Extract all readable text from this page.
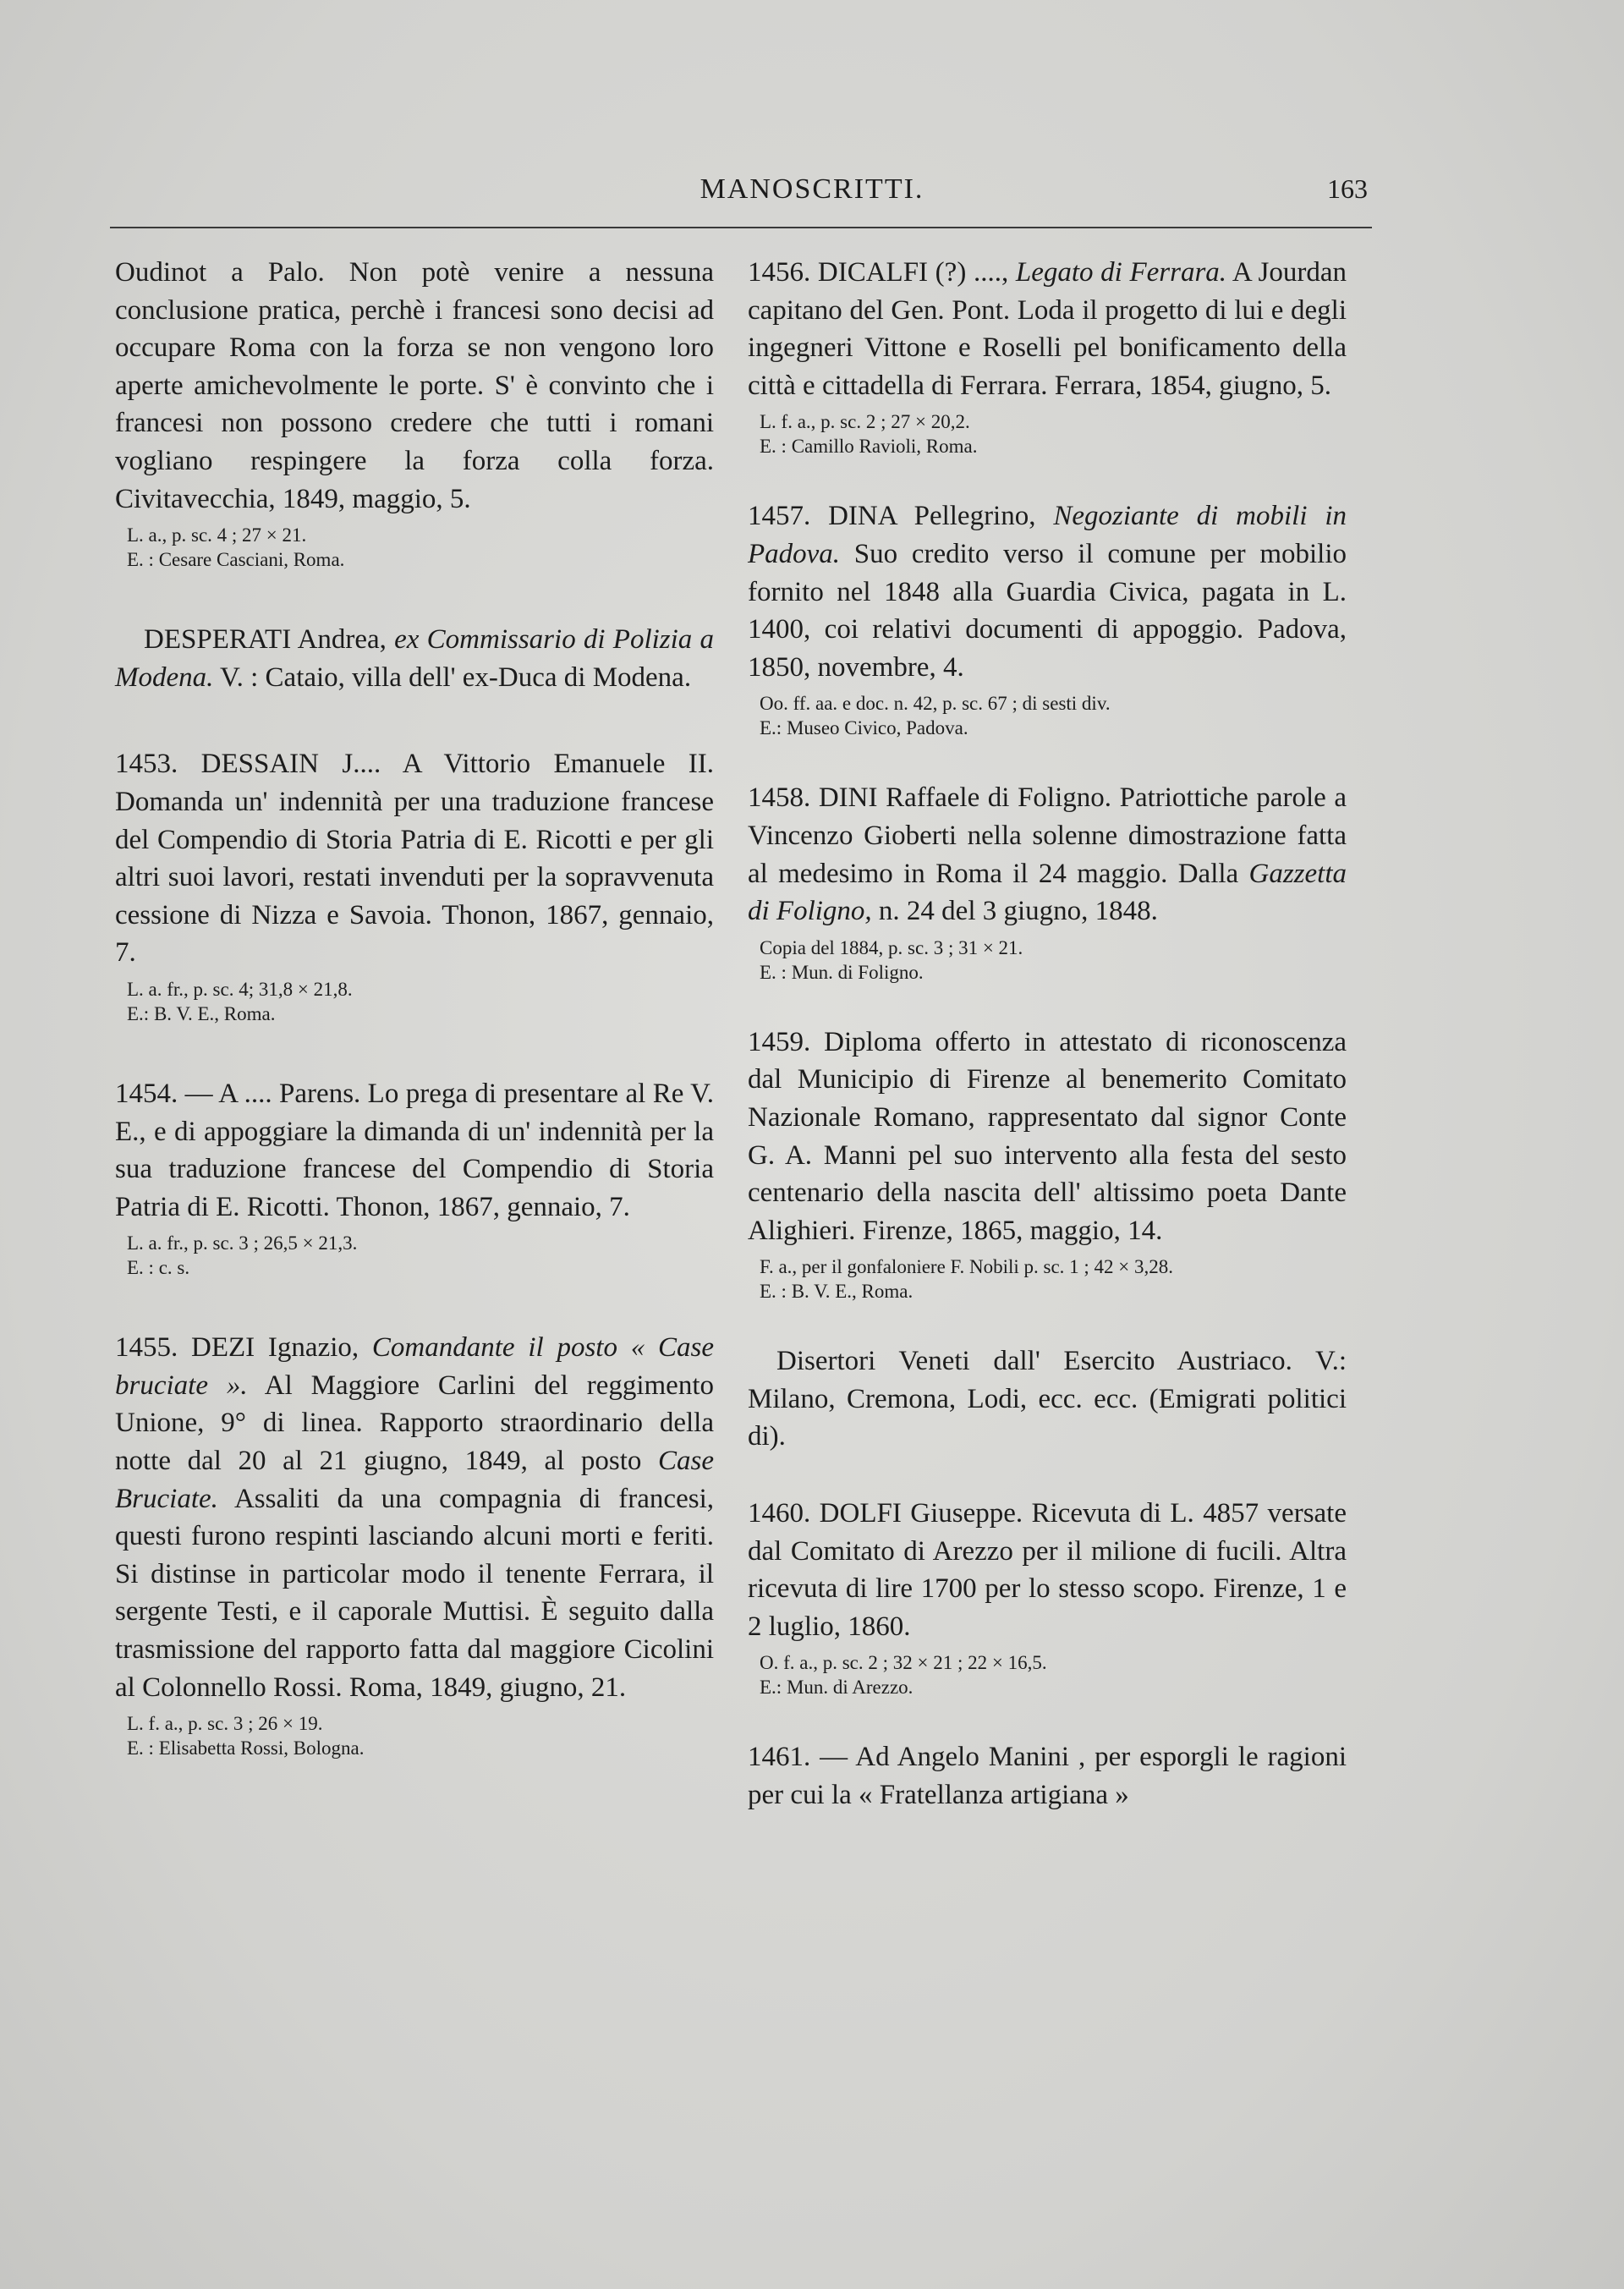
MANOSCRITTI.	163

Oudinot a Palo. Non potè venire a nessuna conclusione pratica, perchè i francesi sono decisi ad occupare Roma con la forza se non vengono loro aperte amichevolmente le porte. S' è convinto che i francesi non possono credere che tutti i romani vogliano respingere la forza colla forza. Civitavecchia, 1849, maggio, 5.

L. a., p. sc. 4 ; 27 × 21.
E. : Cesare Casciani, Roma.

DESPERATI Andrea, ex Commissario di Polizia a Modena. V. : Cataio, villa dell' ex-Duca di Modena.

1453. DESSAIN J.... A Vittorio Emanuele II. Domanda un' indennità per una traduzione francese del Compendio di Storia Patria di E. Ricotti e per gli altri suoi lavori, restati invenduti per la sopravvenuta cessione di Nizza e Savoia. Thonon, 1867, gennaio, 7.

L. a. fr., p. sc. 4; 31,8 × 21,8.
E.: B. V. E., Roma.

1454. — A .... Parens. Lo prega di presentare al Re V. E., e di appoggiare la dimanda di un' indennità per la sua traduzione francese del Compendio di Storia Patria di E. Ricotti. Thonon, 1867, gennaio, 7.

L. a. fr., p. sc. 3 ; 26,5 × 21,3.
E. : c. s.

1455. DEZI Ignazio, Comandante il posto « Case bruciate ». Al Maggiore Carlini del reggimento Unione, 9° di linea. Rapporto straordinario della notte dal 20 al 21 giugno, 1849, al posto Case Bruciate. Assaliti da una compagnia di francesi, questi furono respinti lasciando alcuni morti e feriti. Si distinse in particolar modo il tenente Ferrara, il sergente Testi, e il caporale Muttisi. È seguito dalla trasmissione del rapporto fatta dal maggiore Cicolini al Colonnello Rossi. Roma, 1849, giugno, 21.

L. f. a., p. sc. 3 ; 26 × 19.
E. : Elisabetta Rossi, Bologna.

1456. DICALFI (?) ...., Legato di Ferrara. A Jourdan capitano del Gen. Pont. Loda il progetto di lui e degli ingegneri Vittone e Roselli pel bonificamento della città e cittadella di Ferrara. Ferrara, 1854, giugno, 5.

L. f. a., p. sc. 2 ; 27 × 20,2.
E. : Camillo Ravioli, Roma.

1457. DINA Pellegrino, Negoziante di mobili in Padova. Suo credito verso il comune per mobilio fornito nel 1848 alla Guardia Civica, pagata in L. 1400, coi relativi documenti di appoggio. Padova, 1850, novembre, 4.

Oo. ff. aa. e doc. n. 42, p. sc. 67 ; di sesti div.
E.: Museo Civico, Padova.

1458. DINI Raffaele di Foligno. Patriottiche parole a Vincenzo Gioberti nella solenne dimostrazione fatta al medesimo in Roma il 24 maggio. Dalla Gazzetta di Foligno, n. 24 del 3 giugno, 1848.

Copia del 1884, p. sc. 3 ; 31 × 21.
E. : Mun. di Foligno.

1459. Diploma offerto in attestato di riconoscenza dal Municipio di Firenze al benemerito Comitato Nazionale Romano, rappresentato dal signor Conte G. A. Manni pel suo intervento alla festa del sesto centenario della nascita dell' altissimo poeta Dante Alighieri. Firenze, 1865, maggio, 14.

F. a., per il gonfaloniere F. Nobili p. sc. 1 ; 42 × 3,28.
E. : B. V. E., Roma.

Disertori Veneti dall' Esercito Austriaco. V.: Milano, Cremona, Lodi, ecc. ecc. (Emigrati politici di).

1460. DOLFI Giuseppe. Ricevuta di L. 4857 versate dal Comitato di Arezzo per il milione di fucili. Altra ricevuta di lire 1700 per lo stesso scopo. Firenze, 1 e 2 luglio, 1860.

O. f. a., p. sc. 2 ; 32 × 21 ; 22 × 16,5.
E.: Mun. di Arezzo.

1461. — Ad Angelo Manini , per esporgli le ragioni per cui la « Fratellanza artigiana »
